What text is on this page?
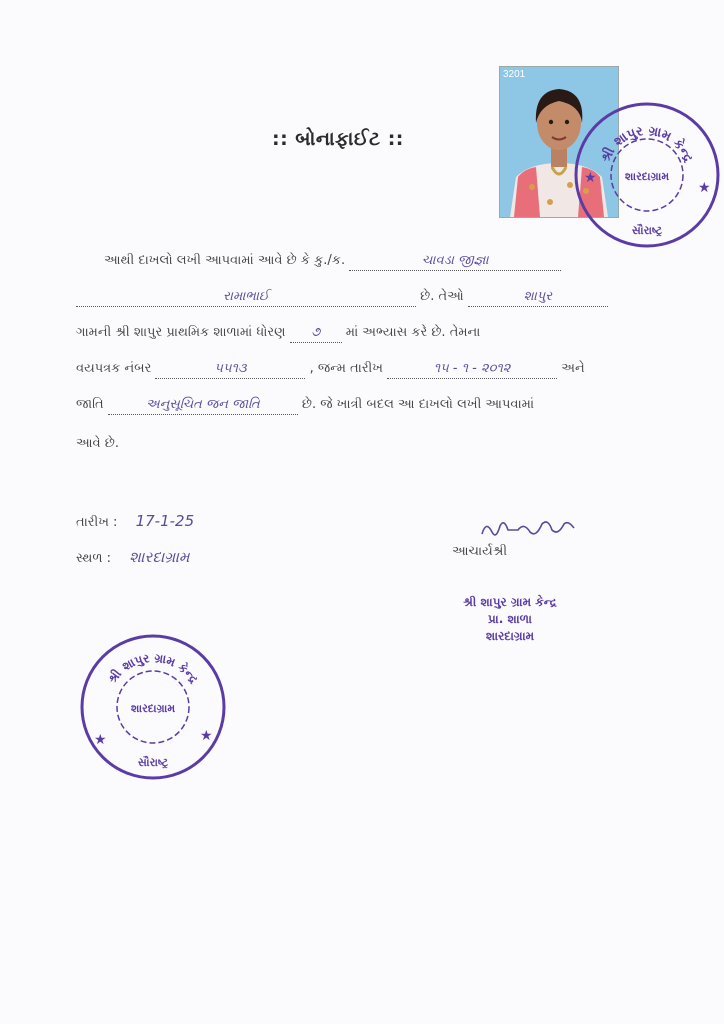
:: બોનાફાઈટ ::
3201
શ્રી શાપુર ગ્રામ કેન્દ્ર
શારદાગ્રામ
સૌરાષ્ટ્ર
★
★
આથી દાખલો લખી આપવામાં આવે છે કે કુ./ક.	ચાવડા જીજ્ઞા
રામાભાઈ	છે. તેઓ	શાપુર
ગામની શ્રી શાપુર પ્રાથમિક શાળામાં ધોરણ ૭ માં અભ્યાસ કરે છે. તેમના
વયપત્રક નંબર	૫૫૧૩	, જન્મ તારીખ	૧૫ - ૧ - ૨૦૧૨	અને
જાતિ	અનુસૂચિત જન જાતિ	છે. જે ખાત્રી બદલ આ દાખલો લખી આપવામાં
આવે છે.
તારીખ : 17-1-25
સ્થળ : શારદાગ્રામ	આચાર્યશ્રી
શ્રી શાપુર ગ્રામ કેન્દ્ર
પ્રા. શાળા
શારદાગ્રામ
શ્રી શાપુર ગ્રામ કેન્દ્ર
શારદાગ્રામ
સૌરાષ્ટ્ર
★	★
